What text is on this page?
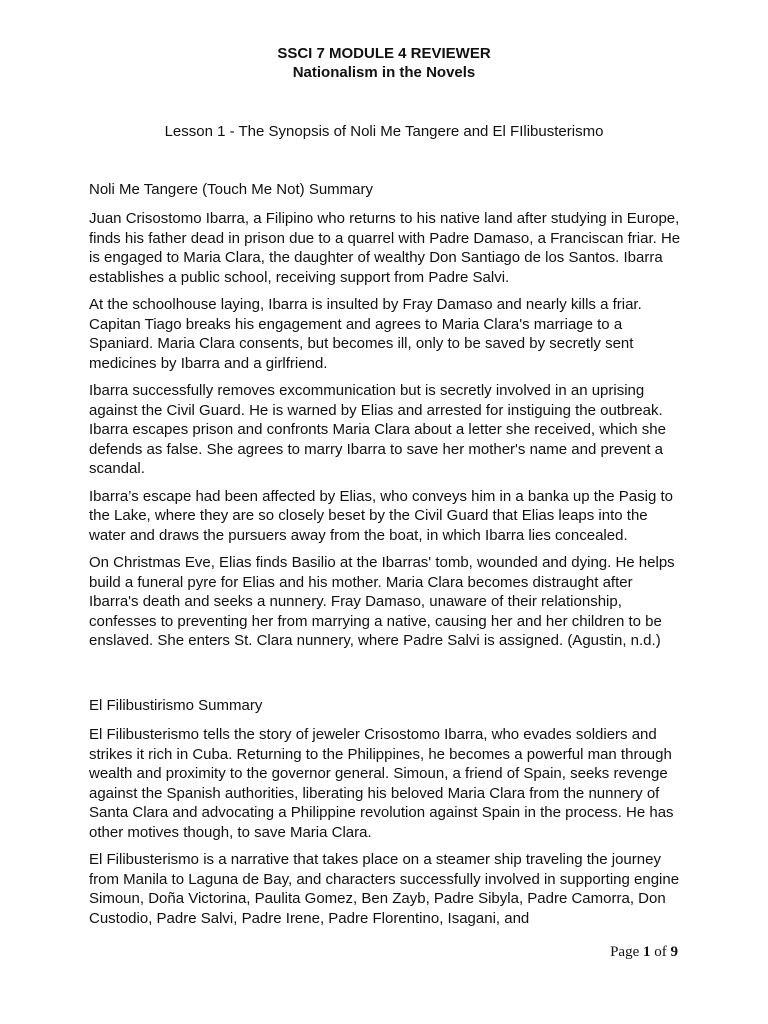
SSCI 7 MODULE 4 REVIEWER
Nationalism in the Novels
Lesson 1 - The Synopsis of Noli Me Tangere and El FIlibusterismo
Noli Me Tangere (Touch Me Not) Summary

Juan Crisostomo Ibarra, a Filipino who returns to his native land after studying in Europe, finds his father dead in prison due to a quarrel with Padre Damaso, a Franciscan friar. He is engaged to Maria Clara, the daughter of wealthy Don Santiago de los Santos. Ibarra establishes a public school, receiving support from Padre Salvi.

At the schoolhouse laying, Ibarra is insulted by Fray Damaso and nearly kills a friar. Capitan Tiago breaks his engagement and agrees to Maria Clara's marriage to a Spaniard. Maria Clara consents, but becomes ill, only to be saved by secretly sent medicines by Ibarra and a girlfriend.

Ibarra successfully removes excommunication but is secretly involved in an uprising against the Civil Guard. He is warned by Elias and arrested for instiguing the outbreak. Ibarra escapes prison and confronts Maria Clara about a letter she received, which she defends as false. She agrees to marry Ibarra to save her mother's name and prevent a scandal.

Ibarra’s escape had been affected by Elias, who conveys him in a banka up the Pasig to the Lake, where they are so closely beset by the Civil Guard that Elias leaps into the water and draws the pursuers away from the boat, in which Ibarra lies concealed.

On Christmas Eve, Elias finds Basilio at the Ibarras' tomb, wounded and dying. He helps build a funeral pyre for Elias and his mother. Maria Clara becomes distraught after Ibarra's death and seeks a nunnery. Fray Damaso, unaware of their relationship, confesses to preventing her from marrying a native, causing her and her children to be enslaved. She enters St. Clara nunnery, where Padre Salvi is assigned. (Agustin, n.d.)

El Filibustirismo Summary

El Filibusterismo tells the story of jeweler Crisostomo Ibarra, who evades soldiers and strikes it rich in Cuba. Returning to the Philippines, he becomes a powerful man through wealth and proximity to the governor general. Simoun, a friend of Spain, seeks revenge against the Spanish authorities, liberating his beloved Maria Clara from the nunnery of Santa Clara and advocating a Philippine revolution against Spain in the process. He has other motives though, to save Maria Clara.

El Filibusterismo is a narrative that takes place on a steamer ship traveling the journey from Manila to Laguna de Bay, and characters successfully involved in supporting engine Simoun, Doña Victorina, Paulita Gomez, Ben Zayb, Padre Sibyla, Padre Camorra, Don Custodio, Padre Salvi, Padre Irene, Padre Florentino, Isagani, and

Page 1 of 9
